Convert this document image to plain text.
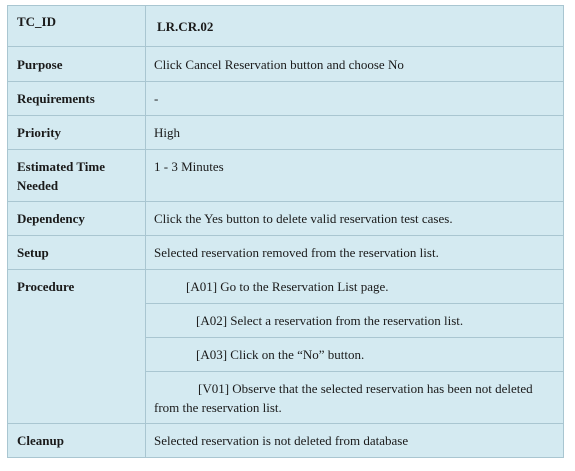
TC_ID	LR.CR.02
Purpose	Click Cancel Reservation button and choose No
Requirements	-
Priority	High
Estimated Time
Needed	1 - 3 Minutes
Dependency	Click the Yes button to delete valid reservation test cases.
Setup	Selected reservation removed from the reservation list.
Procedure	[A01] Go to the Reservation List page.
	[A02] Select a reservation from the reservation list.
	[A03] Click on the “No” button.

	[V01] Observe that the selected reservation has been not deleted from the reservation list.

Cleanup	Selected reservation is not deleted from database
